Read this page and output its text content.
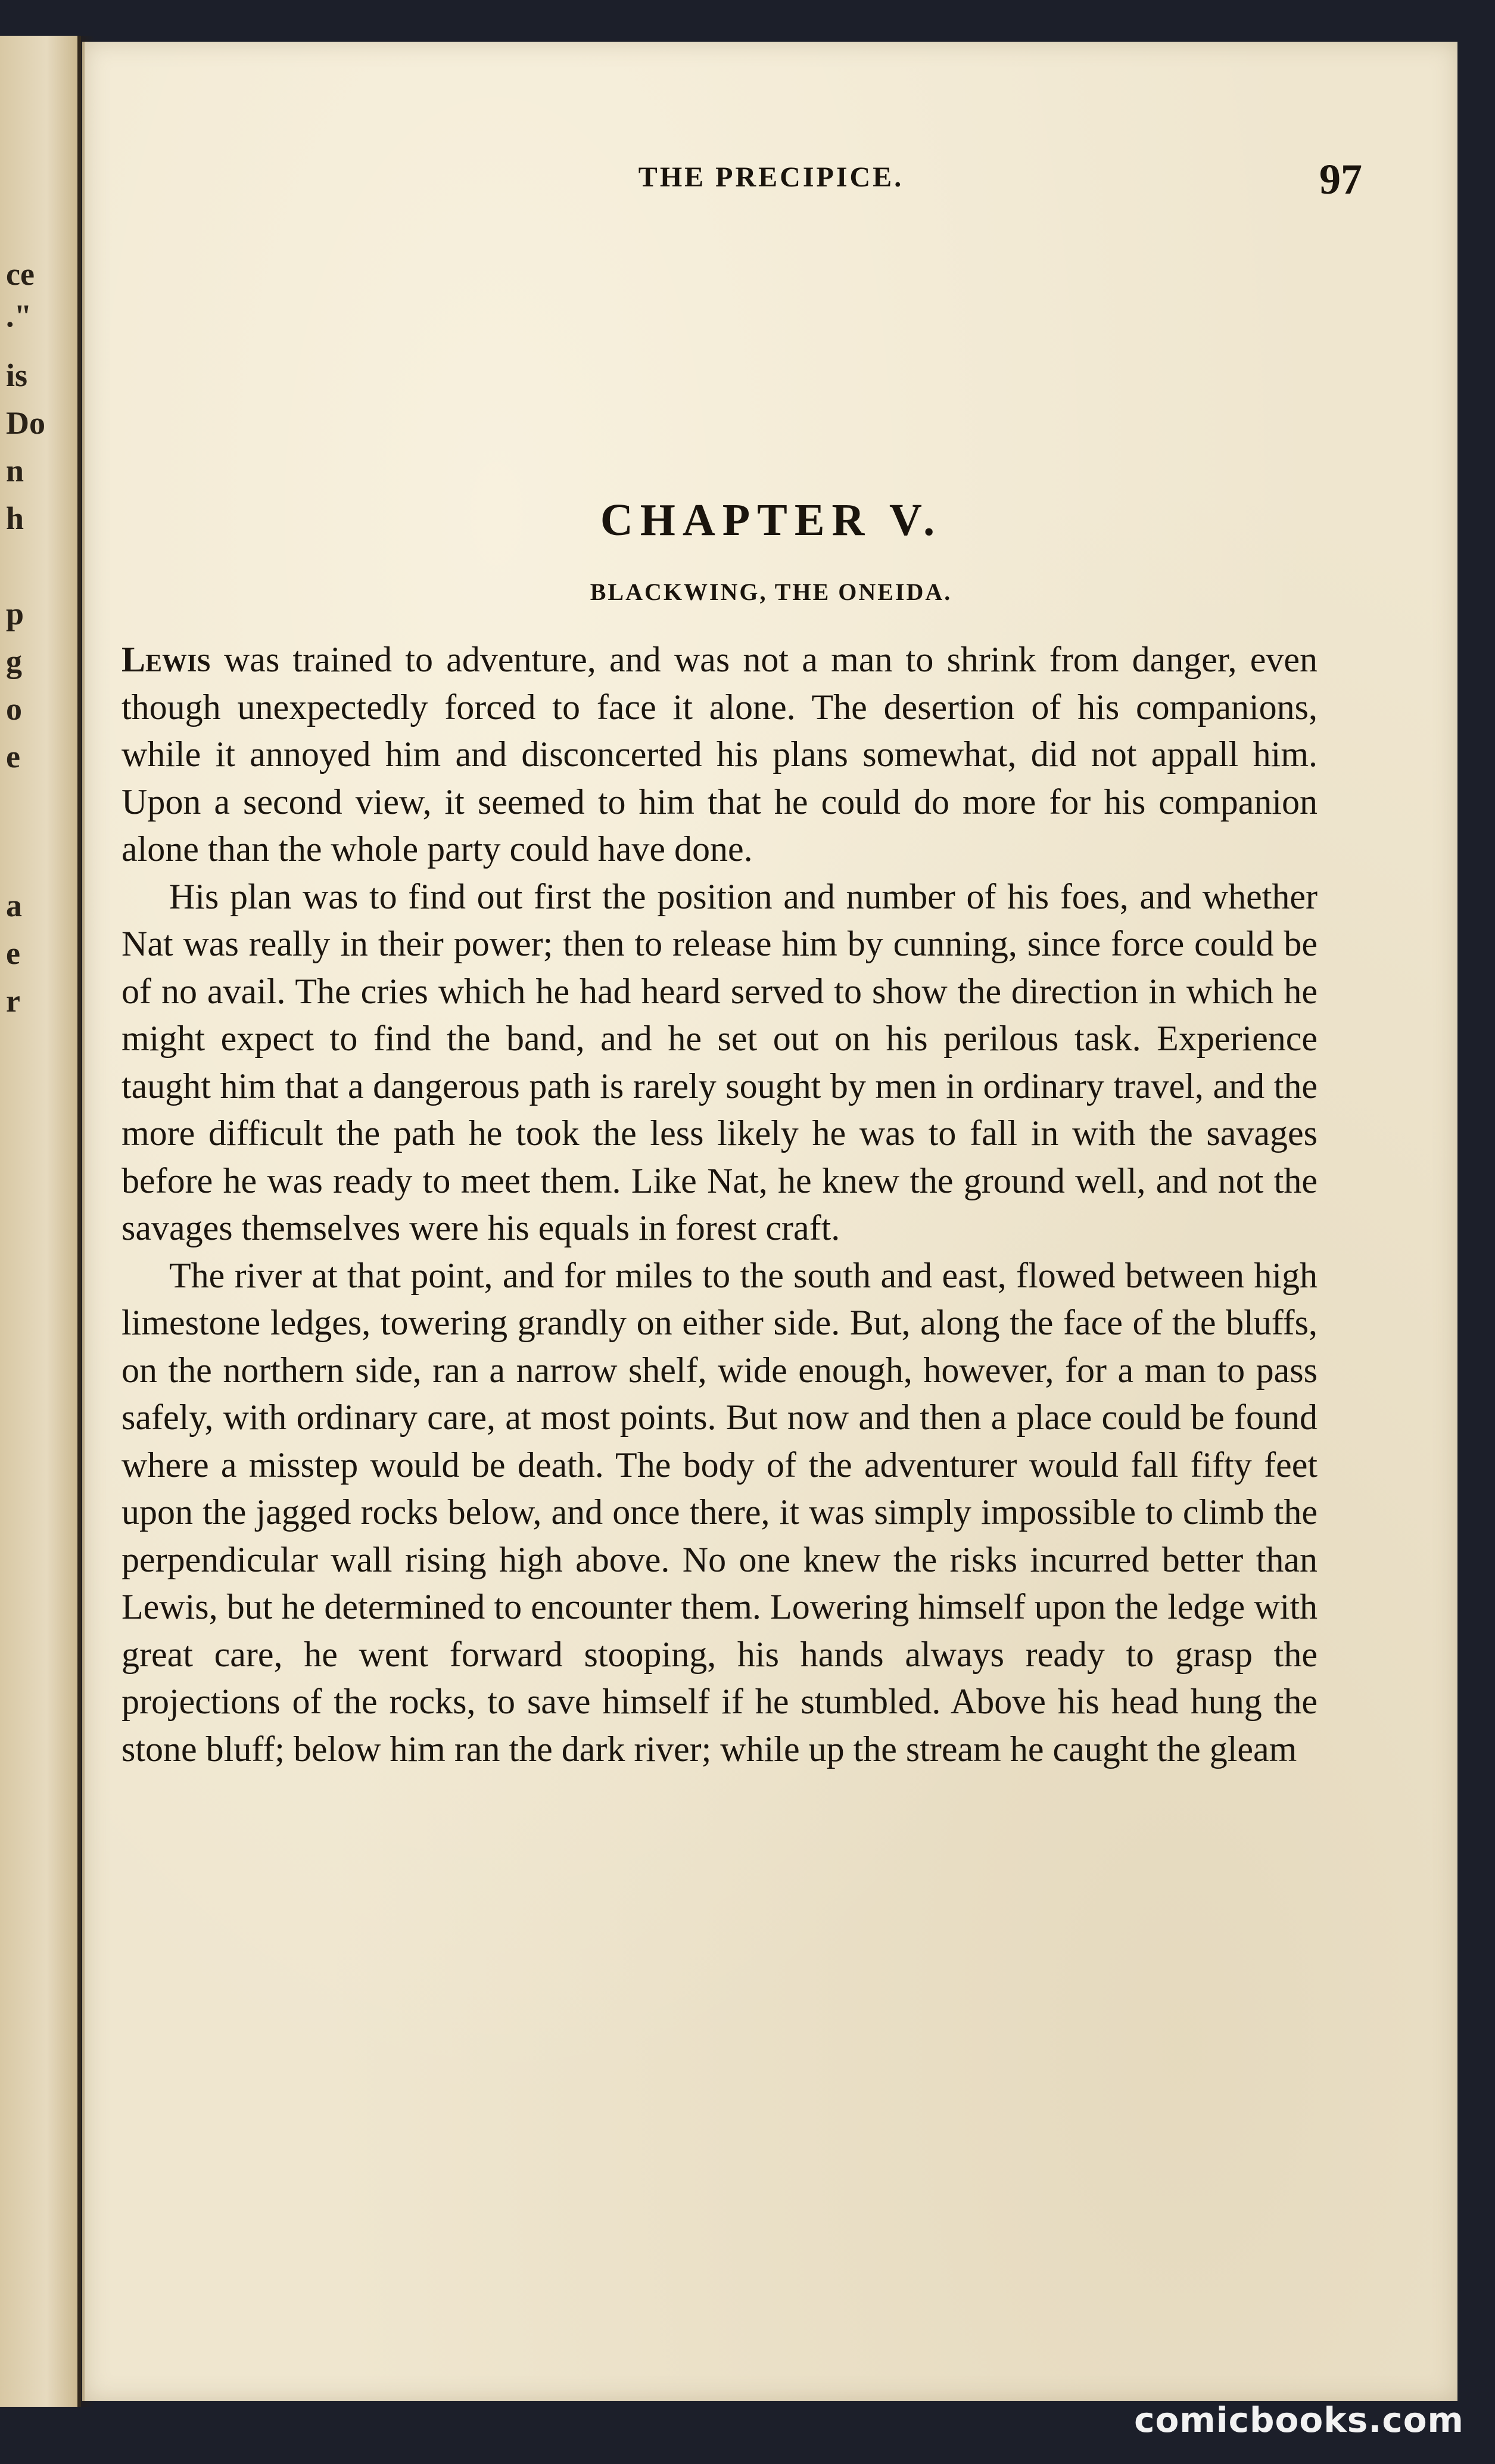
ce
."
is
Do
n
h
p
g
o
e
a
e
r
THE PRECIPICE.	97
CHAPTER V.
BLACKWING, THE ONEIDA.

Lewis was trained to adventure, and was not a man to shrink from danger, even though unexpectedly forced to face it alone. The desertion of his companions, while it annoyed him and disconcerted his plans somewhat, did not appall him. Upon a second view, it seemed to him that he could do more for his companion alone than the whole party could have done.

His plan was to find out first the position and number of his foes, and whether Nat was really in their power; then to release him by cunning, since force could be of no avail. The cries which he had heard served to show the direction in which he might expect to find the band, and he set out on his perilous task. Experience taught him that a dangerous path is rarely sought by men in ordinary travel, and the more difficult the path he took the less likely he was to fall in with the savages before he was ready to meet them. Like Nat, he knew the ground well, and not the savages themselves were his equals in forest craft.

The river at that point, and for miles to the south and east, flowed between high limestone ledges, towering grandly on either side. But, along the face of the bluffs, on the northern side, ran a narrow shelf, wide enough, however, for a man to pass safely, with ordinary care, at most points. But now and then a place could be found where a misstep would be death. The body of the adventurer would fall fifty feet upon the jagged rocks below, and once there, it was simply impossible to climb the perpendicular wall rising high above. No one knew the risks incurred better than Lewis, but he determined to encounter them. Lowering himself upon the ledge with great care, he went forward stooping, his hands always ready to grasp the projections of the rocks, to save himself if he stumbled. Above his head hung the stone bluff; below him ran the dark river; while up the stream he caught the gleam

comicbooks.com
